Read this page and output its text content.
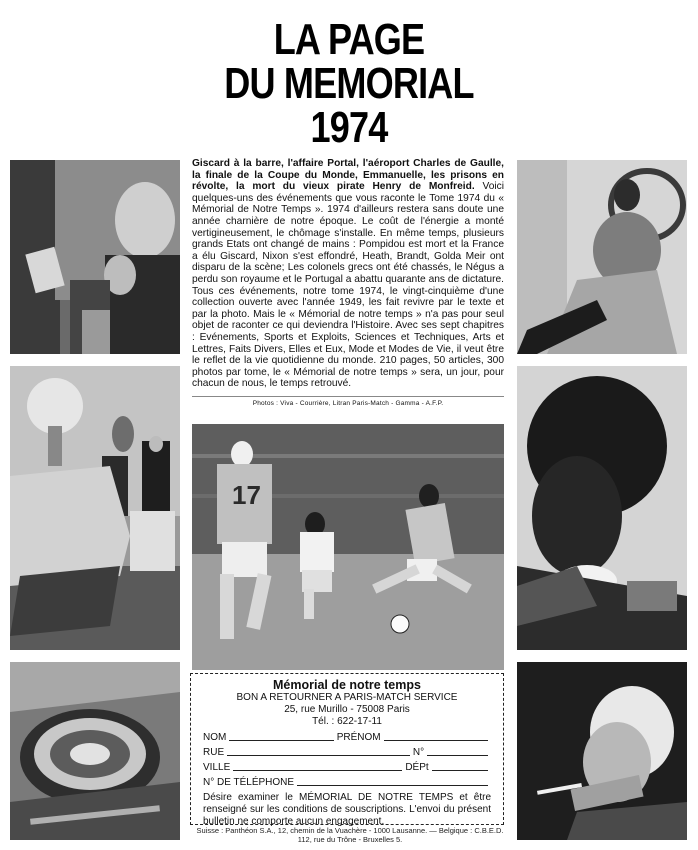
LA PAGE
DU MEMORIAL
1974
17
Giscard à la barre, l'affaire Portal, l'aéroport Charles de Gaulle, la finale de la Coupe du Monde, Emmanuelle, les prisons en révolte, la mort du vieux pirate Henry de Monfreid. Voici quelques-uns des événements que vous raconte le Tome 1974 du « Mémorial de Notre Temps ». 1974 d'ailleurs restera sans doute une année charnière de notre époque. Le coût de l'énergie a monté vertigineusement, le chômage s'installe. En même temps, plusieurs grands Etats ont changé de mains : Pompidou est mort et la France a élu Giscard, Nixon s'est effondré, Heath, Brandt, Golda Meir ont disparu de la scène; Les colonels grecs ont été chassés, le Négus a perdu son royaume et le Portugal a abattu quarante ans de dictature. Tous ces événements, notre tome 1974, le vingt-cinquième d'une collection ouverte avec l'année 1949, les fait revivre par le texte et par la photo. Mais le « Mémorial de notre temps » n'a pas pour seul objet de raconter ce qui deviendra l'Histoire. Avec ses sept chapitres : Evénements, Sports et Exploits, Sciences et Techniques, Arts et Lettres, Faits Divers, Elles et Eux, Mode et Modes de Vie, il veut être le reflet de la vie quotidienne du monde. 210 pages, 50 articles, 300 photos par tome, le « Mémorial de notre temps » sera, un jour, pour chacun de nous, le temps retrouvé.
Photos : Viva - Courrière, Litran Paris-Match - Gamma - A.F.P.
Mémorial de notre temps
BON A RETOURNER A PARIS-MATCH SERVICE
25, rue Murillo - 75008 Paris
Tél. : 622-17-11
NOM	PRÉNOM
RUE	N°
VILLE	DÉPt
N° DE TÉLÉPHONE
Désire examiner le MÉMORIAL DE NOTRE TEMPS et être renseigné sur les conditions de souscriptions. L'envoi du présent bulletin ne comporte aucun engagement.
Suisse : Panthéon S.A., 12, chemin de la Vuachère - 1000 Lausanne. — Belgique : C.B.E.D.
112, rue du Trône - Bruxelles 5.
